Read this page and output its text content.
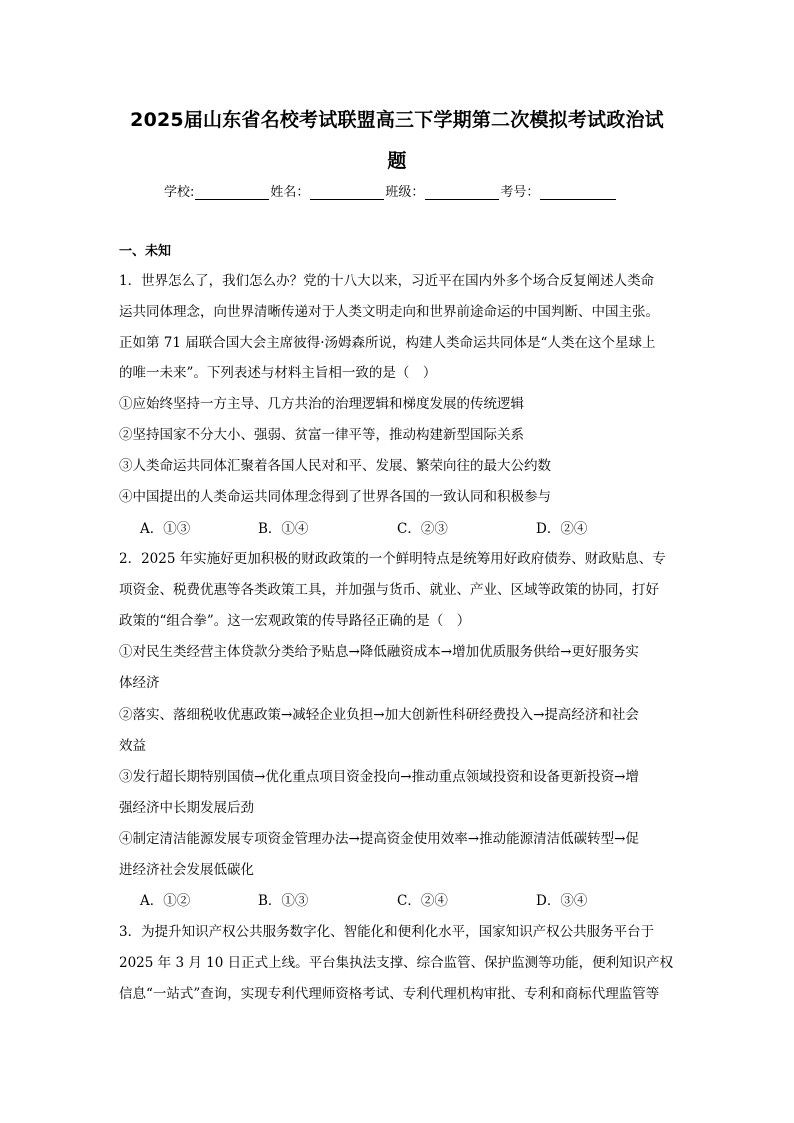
2025届山东省名校考试联盟高三下学期第二次模拟考试政治试
题
学校:	姓名：	班级：	考号：
一、未知
1．世界怎么了，我们怎么办？党的十八大以来，习近平在国内外多个场合反复阐述人类命
运共同体理念，向世界清晰传递对于人类文明走向和世界前途命运的中国判断、中国主张。
正如第 71 届联合国大会主席彼得·汤姆森所说，构建人类命运共同体是“人类在这个星球上
的唯一未来”。下列表述与材料主旨相一致的是（　）
①应始终坚持一方主导、几方共治的治理逻辑和梯度发展的传统逻辑
②坚持国家不分大小、强弱、贫富一律平等，推动构建新型国际关系
③人类命运共同体汇聚着各国人民对和平、发展、繁荣向往的最大公约数
④中国提出的人类命运共同体理念得到了世界各国的一致认同和积极参与
A．①③	B．①④	C．②③	D．②④
2．2025 年实施好更加积极的财政政策的一个鲜明特点是统筹用好政府债券、财政贴息、专
项资金、税费优惠等各类政策工具，并加强与货币、就业、产业、区域等政策的协同，打好
政策的“组合拳”。这一宏观政策的传导路径正确的是（　）
①对民生类经营主体贷款分类给予贴息→降低融资成本→增加优质服务供给→更好服务实
体经济
②落实、落细税收优惠政策→减轻企业负担→加大创新性科研经费投入→提高经济和社会
效益
③发行超长期特别国债→优化重点项目资金投向→推动重点领域投资和设备更新投资→增
强经济中长期发展后劲
④制定清洁能源发展专项资金管理办法→提高资金使用效率→推动能源清洁低碳转型→促
进经济社会发展低碳化
A．①②	B．①③	C．②④	D．③④
3．为提升知识产权公共服务数字化、智能化和便利化水平，国家知识产权公共服务平台于
2025 年 3 月 10 日正式上线。平台集执法支撑、综合监管、保护监测等功能，便利知识产权
信息“一站式”查询，实现专利代理师资格考试、专利代理机构审批、专利和商标代理监管等
